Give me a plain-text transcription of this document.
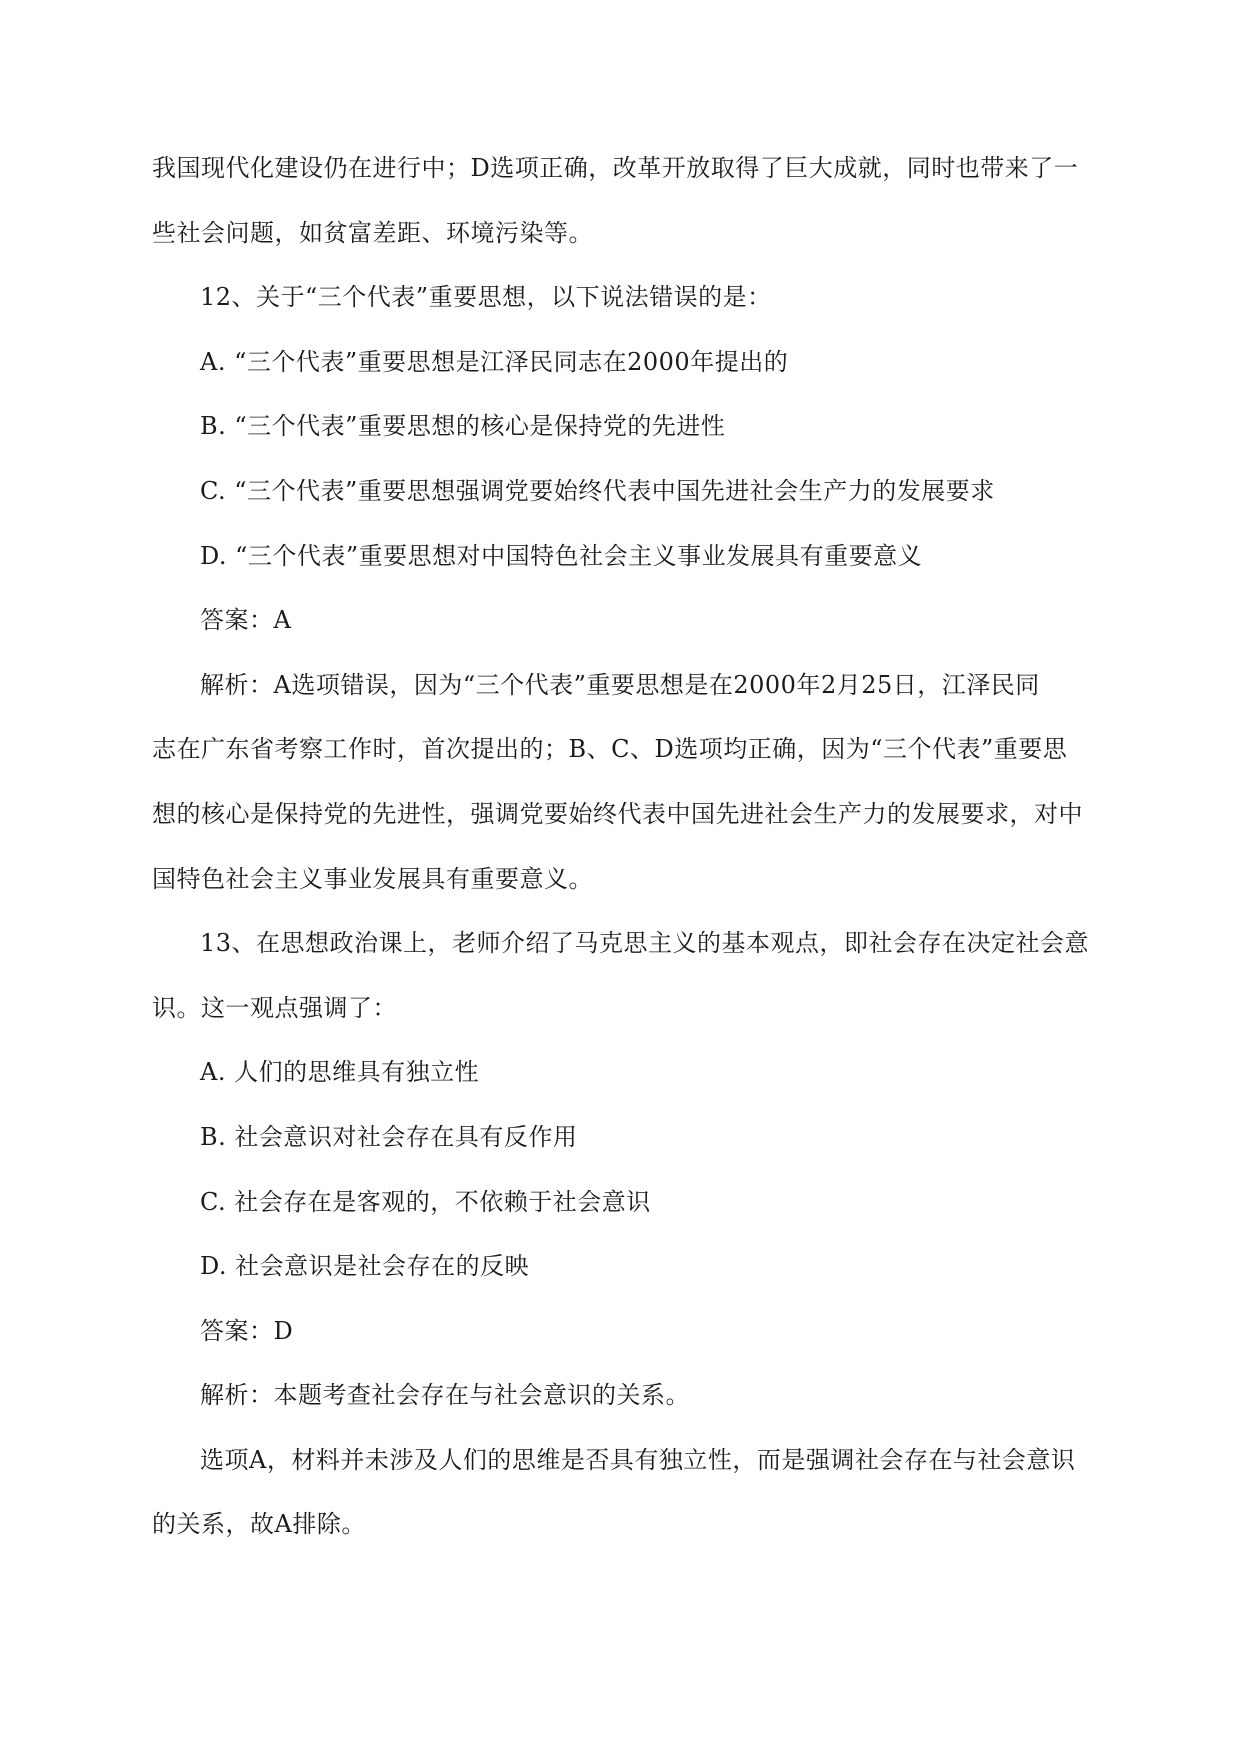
我国现代化建设仍在进行中；D选项正确，改革开放取得了巨大成就，同时也带来了一
些社会问题，如贫富差距、环境污染等。
12、关于“三个代表”重要思想，以下说法错误的是：
A. “三个代表”重要思想是江泽民同志在2000年提出的
B. “三个代表”重要思想的核心是保持党的先进性
C. “三个代表”重要思想强调党要始终代表中国先进社会生产力的发展要求
D. “三个代表”重要思想对中国特色社会主义事业发展具有重要意义
答案：A
解析：A选项错误，因为“三个代表”重要思想是在2000年2月25日，江泽民同
志在广东省考察工作时，首次提出的；B、C、D选项均正确，因为“三个代表”重要思
想的核心是保持党的先进性，强调党要始终代表中国先进社会生产力的发展要求，对中
国特色社会主义事业发展具有重要意义。
13、在思想政治课上，老师介绍了马克思主义的基本观点，即社会存在决定社会意
识。这一观点强调了：
A. 人们的思维具有独立性
B. 社会意识对社会存在具有反作用
C. 社会存在是客观的，不依赖于社会意识
D. 社会意识是社会存在的反映
答案：D
解析：本题考查社会存在与社会意识的关系。
选项A，材料并未涉及人们的思维是否具有独立性，而是强调社会存在与社会意识
的关系，故A排除。
